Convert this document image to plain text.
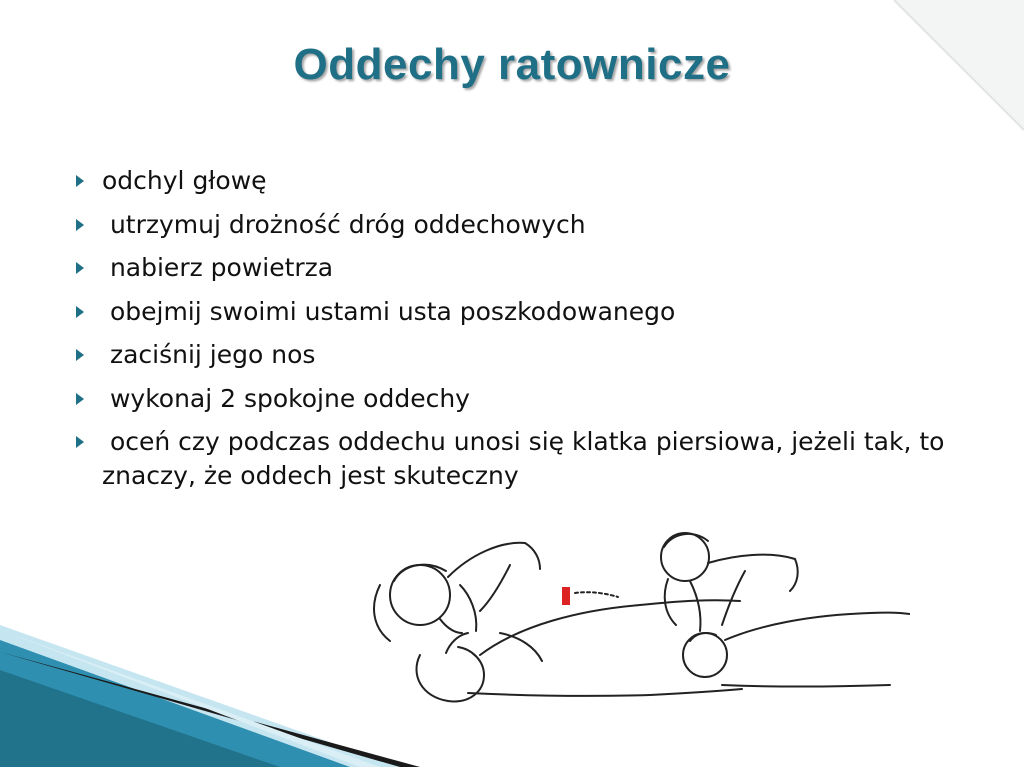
Oddechy ratownicze
odchyl głowę
utrzymuj drożność dróg oddechowych
nabierz powietrza
obejmij swoimi ustami usta poszkodowanego
zaciśnij jego nos
wykonaj 2 spokojne oddechy
oceń czy podczas oddechu unosi się klatka piersiowa, jeżeli tak, to znaczy, że oddech jest skuteczny
